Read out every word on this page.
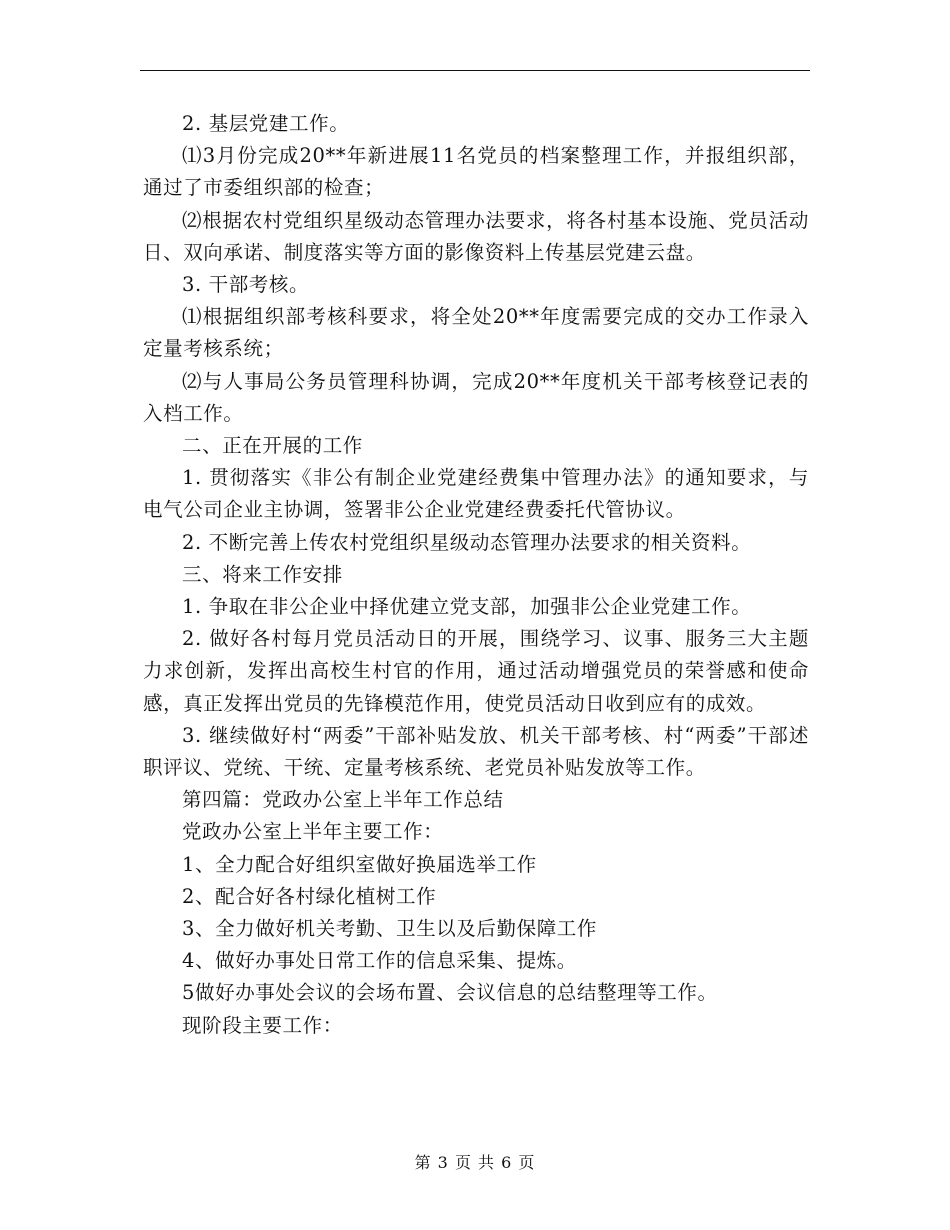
2. 基层党建工作。

⑴3月份完成20**年新进展11名党员的档案整理工作，并报组织部，通过了市委组织部的检查；

⑵根据农村党组织星级动态管理办法要求，将各村基本设施、党员活动日、双向承诺、制度落实等方面的影像资料上传基层党建云盘。

3. 干部考核。

⑴根据组织部考核科要求，将全处20**年度需要完成的交办工作录入定量考核系统；

⑵与人事局公务员管理科协调，完成20**年度机关干部考核登记表的入档工作。

二、正在开展的工作

1. 贯彻落实《非公有制企业党建经费集中管理办法》的通知要求，与电气公司企业主协调，签署非公企业党建经费委托代管协议。

2. 不断完善上传农村党组织星级动态管理办法要求的相关资料。

三、将来工作安排

1. 争取在非公企业中择优建立党支部，加强非公企业党建工作。

2. 做好各村每月党员活动日的开展，围绕学习、议事、服务三大主题力求创新，发挥出高校生村官的作用，通过活动增强党员的荣誉感和使命感，真正发挥出党员的先锋模范作用，使党员活动日收到应有的成效。

3. 继续做好村“两委”干部补贴发放、机关干部考核、村“两委”干部述职评议、党统、干统、定量考核系统、老党员补贴发放等工作。

第四篇：党政办公室上半年工作总结

党政办公室上半年主要工作：

1、全力配合好组织室做好换届选举工作

2、配合好各村绿化植树工作

3、全力做好机关考勤、卫生以及后勤保障工作

4、做好办事处日常工作的信息采集、提炼。

5做好办事处会议的会场布置、会议信息的总结整理等工作。

现阶段主要工作：

第 3 页 共 6 页
